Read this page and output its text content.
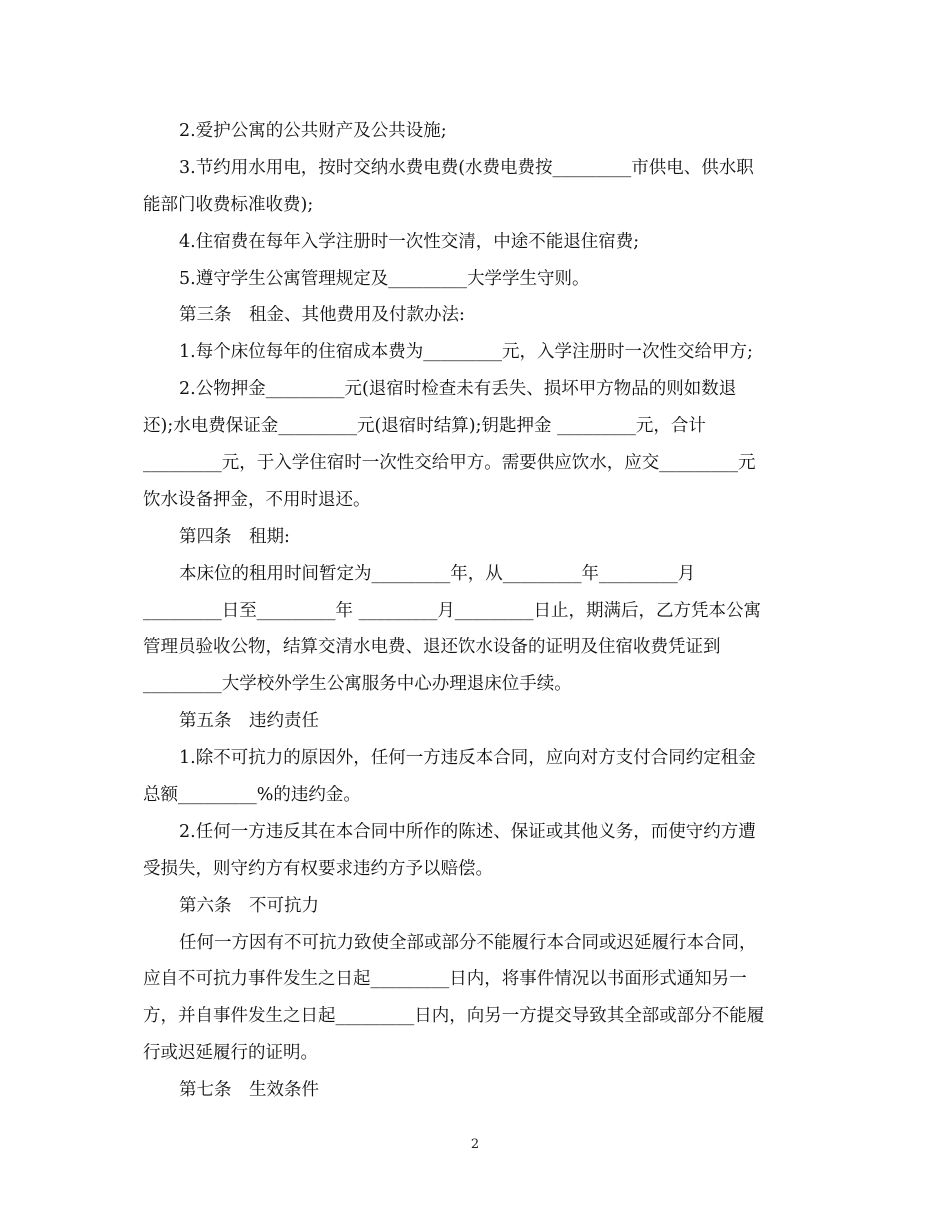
2.爱护公寓的公共财产及公共设施;
3.节约用水用电，按时交纳水费电费(水费电费按_________市供电、供水职
能部门收费标准收费);
4.住宿费在每年入学注册时一次性交清，中途不能退住宿费;
5.遵守学生公寓管理规定及_________大学学生守则。
第三条　租金、其他费用及付款办法:
1.每个床位每年的住宿成本费为_________元，入学注册时一次性交给甲方;
2.公物押金_________元(退宿时检查未有丢失、损坏甲方物品的则如数退
还);水电费保证金_________元(退宿时结算);钥匙押金 _________元，合计
_________元，于入学住宿时一次性交给甲方。需要供应饮水，应交_________元
饮水设备押金，不用时退还。
第四条　租期:
本床位的租用时间暂定为_________年，从_________年_________月
_________日至_________年 _________月_________日止，期满后，乙方凭本公寓
管理员验收公物，结算交清水电费、退还饮水设备的证明及住宿收费凭证到
_________大学校外学生公寓服务中心办理退床位手续。
第五条　违约责任
1.除不可抗力的原因外，任何一方违反本合同，应向对方支付合同约定租金
总额_________%的违约金。
2.任何一方违反其在本合同中所作的陈述、保证或其他义务，而使守约方遭
受损失，则守约方有权要求违约方予以赔偿。
第六条　不可抗力
任何一方因有不可抗力致使全部或部分不能履行本合同或迟延履行本合同，
应自不可抗力事件发生之日起_________日内，将事件情况以书面形式通知另一
方，并自事件发生之日起_________日内，向另一方提交导致其全部或部分不能履
行或迟延履行的证明。
第七条　生效条件
2
